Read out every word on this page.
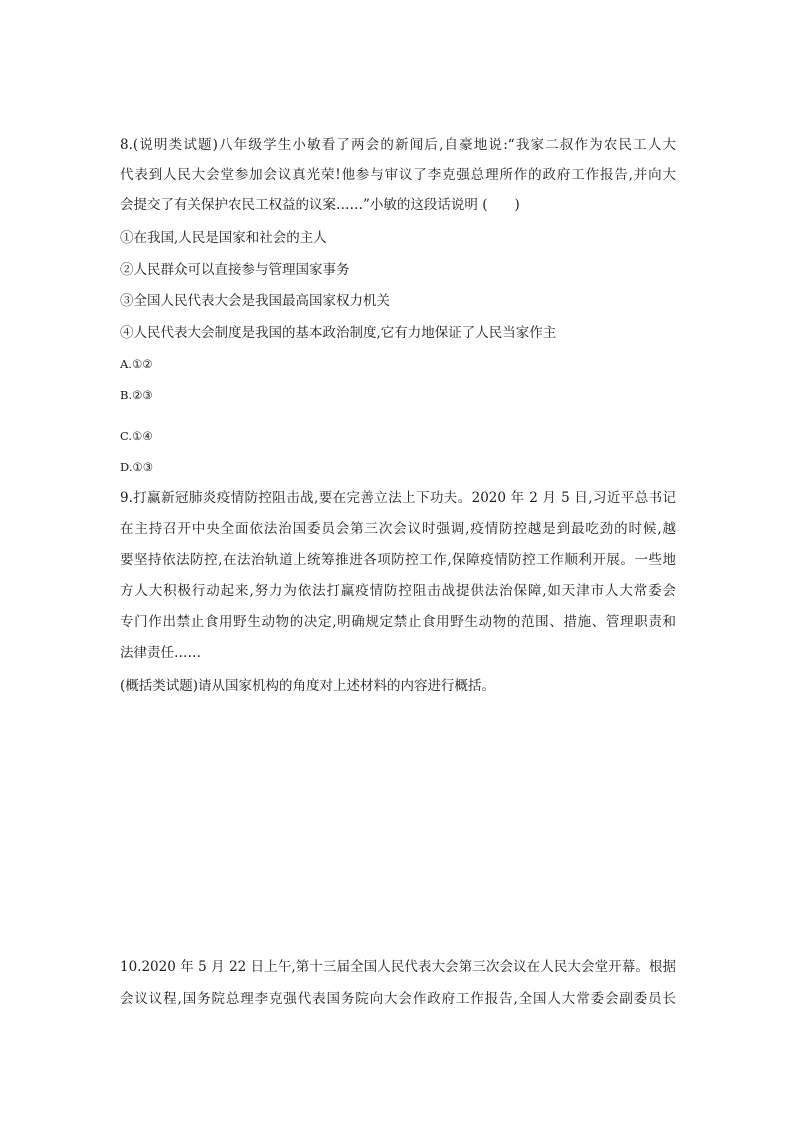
8.(说明类试题)八年级学生小敏看了两会的新闻后,自豪地说:“我家二叔作为农民工人大
代表到人民大会堂参加会议真光荣!他参与审议了李克强总理所作的政府工作报告,并向大
会提交了有关保护农民工权益的议案……”小敏的这段话说明 (　　)
①在我国,人民是国家和社会的主人
②人民群众可以直接参与管理国家事务
③全国人民代表大会是我国最高国家权力机关
④人民代表大会制度是我国的基本政治制度,它有力地保证了人民当家作主
A.①②
B.②③
C.①④
D.①③
9.打赢新冠肺炎疫情防控阻击战,要在完善立法上下功夫。2020 年 2 月 5 日,习近平总书记
在主持召开中央全面依法治国委员会第三次会议时强调,疫情防控越是到最吃劲的时候,越
要坚持依法防控,在法治轨道上统筹推进各项防控工作,保障疫情防控工作顺利开展。一些地
方人大积极行动起来,努力为依法打赢疫情防控阻击战提供法治保障,如天津市人大常委会
专门作出禁止食用野生动物的决定,明确规定禁止食用野生动物的范围、措施、管理职责和
法律责任……
(概括类试题)请从国家机构的角度对上述材料的内容进行概括。
10.2020 年 5 月 22 日上午,第十三届全国人民代表大会第三次会议在人民大会堂开幕。根据
会议议程,国务院总理李克强代表国务院向大会作政府工作报告,全国人大常委会副委员长
